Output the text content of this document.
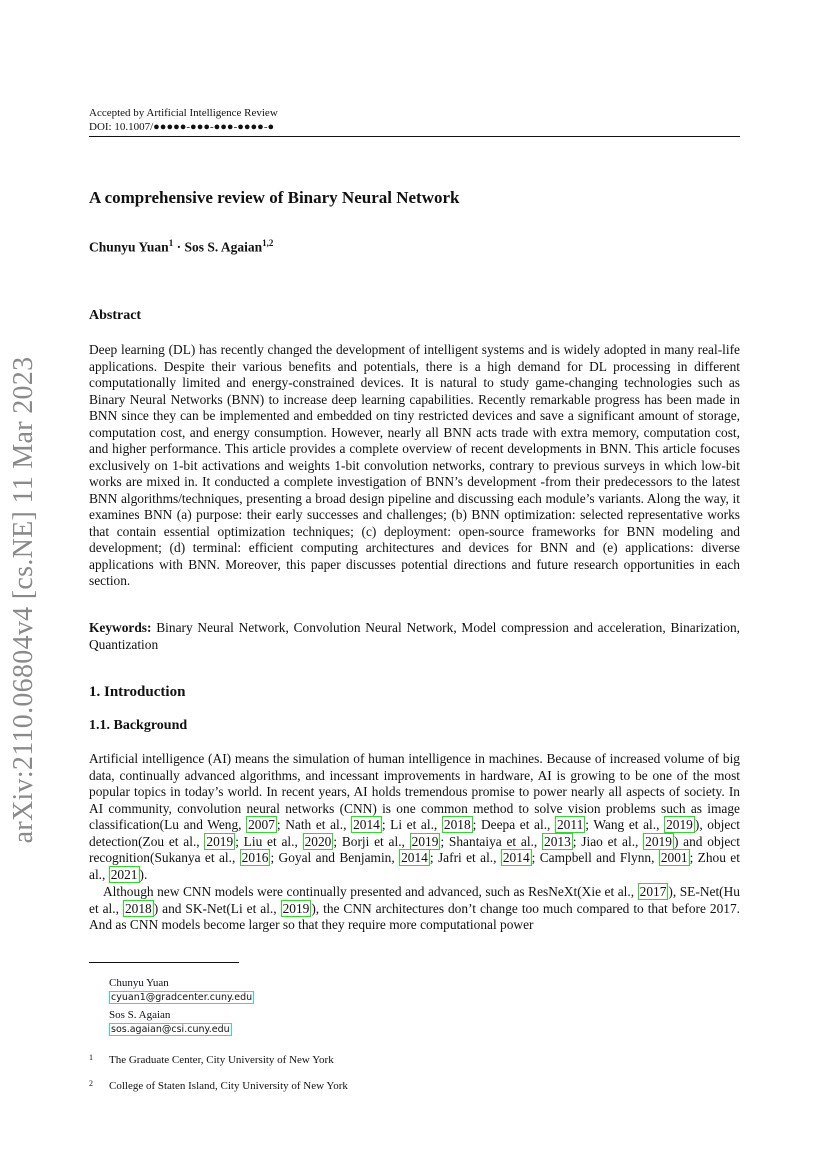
arXiv:2110.06804v4 [cs.NE] 11 Mar 2023
Accepted by Artificial Intelligence Review
DOI: 10.1007/●●●●●-●●●-●●●-●●●●-●
A comprehensive review of Binary Neural Network
Chunyu Yuan$^1$ · Sos S. Agaian$^{1,2}$
Abstract
Deep learning (DL) has recently changed the development of intelligent systems and is widely adopted in many real-life applications. Despite their various benefits and potentials, there is a high demand for DL processing in different computationally limited and energy-constrained devices. It is natural to study game-changing technologies such as Binary Neural Networks (BNN) to increase deep learning capabilities. Recently remarkable progress has been made in BNN since they can be implemented and embedded on tiny restricted devices and save a significant amount of storage, computation cost, and energy consumption. However, nearly all BNN acts trade with extra memory, computation cost, and higher performance. This article provides a complete overview of recent developments in BNN. This article focuses exclusively on 1-bit activations and weights 1-bit convolution networks, contrary to previous surveys in which low-bit works are mixed in. It conducted a complete investigation of BNN’s development -from their predecessors to the latest BNN algorithms/techniques, presenting a broad design pipeline and discussing each module’s variants. Along the way, it examines BNN (a) purpose: their early successes and challenges; (b) BNN optimization: selected representative works that contain essential optimization techniques; (c) deployment: open-source frameworks for BNN modeling and development; (d) terminal: efficient computing architectures and devices for BNN and (e) applications: diverse applications with BNN. Moreover, this paper discusses potential directions and future research opportunities in each section.
Keywords: Binary Neural Network, Convolution Neural Network, Model compression and acceleration, Binarization, Quantization
1. Introduction
1.1. Background
Artificial intelligence (AI) means the simulation of human intelligence in machines. Because of increased volume of big data, continually advanced algorithms, and incessant improvements in hardware, AI is growing to be one of the most popular topics in today’s world. In recent years, AI holds tremendous promise to power nearly all aspects of society. In AI community, convolution neural networks (CNN) is one common method to solve vision problems such as image classification(Lu and Weng, 2007 ; Nath et al., 2014 ; Li et al., 2018 ; Deepa et al., 2011 ; Wang et al., 2019 ), object detection(Zou et al., 2019 ; Liu et al., 2020 ; Borji et al., 2019 ; Shantaiya et al., 2013 ; Jiao et al., 2019 ) and object recognition(Sukanya et al., 2016 ; Goyal and Benjamin, 2014 ; Jafri et al., 2014 ; Campbell and Flynn, 2001 ; Zhou et al., 2021 ).
Although new CNN models were continually presented and advanced, such as ResNeXt(Xie et al., 2017 ), SE-Net(Hu et al., 2018 ) and SK-Net(Li et al., 2019 ), the CNN architectures don’t change too much compared to that before 2017. And as CNN models become larger so that they require more computational power
Chunyu Yuan
cyuan1@gradcenter.cuny.edu
Sos S. Agaian
sos.agaian@csi.cuny.edu
1 The Graduate Center, City University of New York
2 College of Staten Island, City University of New York
